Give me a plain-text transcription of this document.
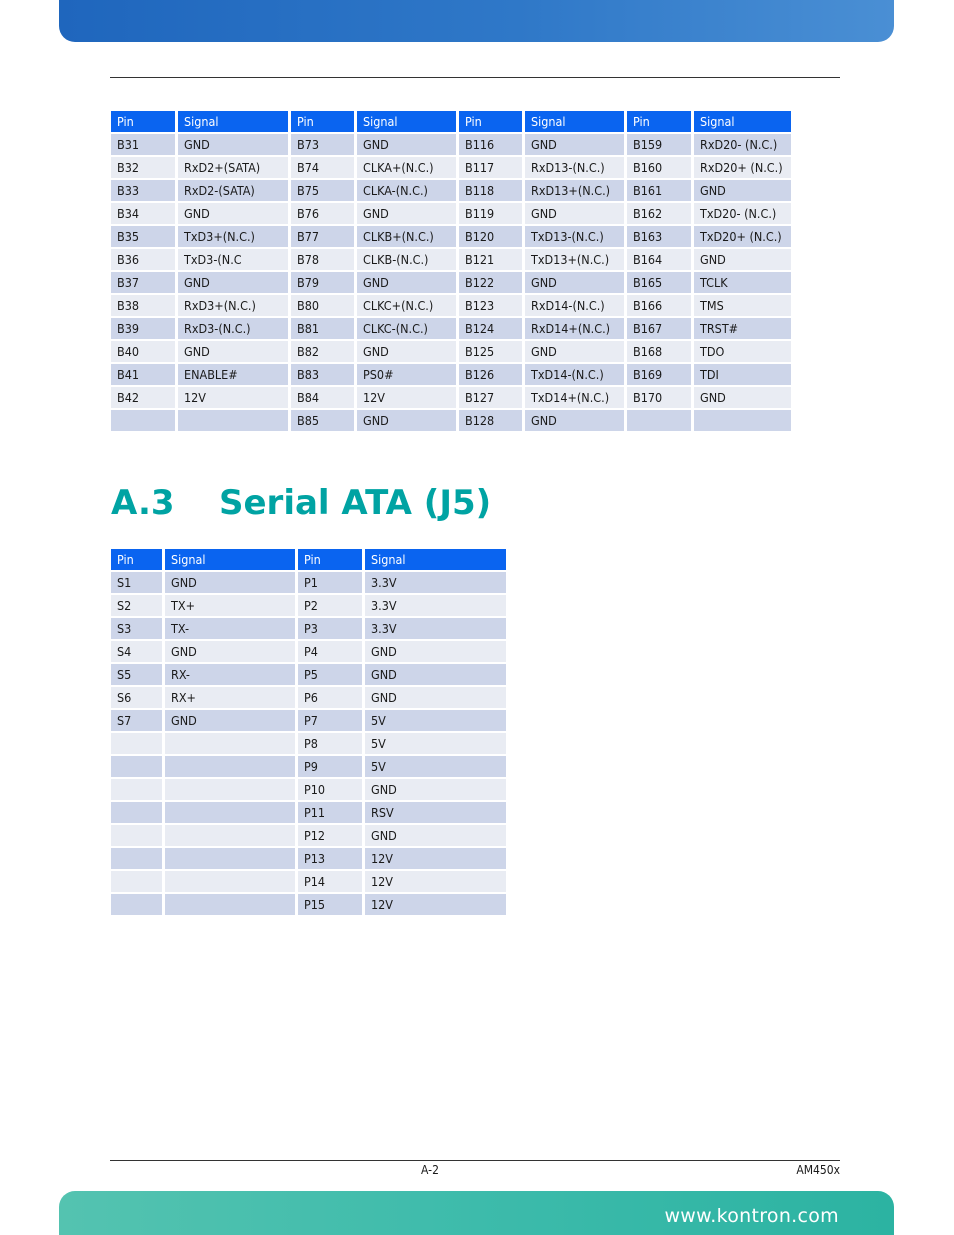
Pin	Signal	Pin	Signal	Pin	Signal	Pin	Signal
B31	GND	B73	GND	B116	GND	B159	RxD20- (N.C.)
B32	RxD2+(SATA)	B74	CLKA+(N.C.)	B117	RxD13-(N.C.)	B160	RxD20+ (N.C.)
B33	RxD2-(SATA)	B75	CLKA-(N.C.)	B118	RxD13+(N.C.)	B161	GND
B34	GND	B76	GND	B119	GND	B162	TxD20- (N.C.)
B35	TxD3+(N.C.)	B77	CLKB+(N.C.)	B120	TxD13-(N.C.)	B163	TxD20+ (N.C.)
B36	TxD3-(N.C	B78	CLKB-(N.C.)	B121	TxD13+(N.C.)	B164	GND
B37	GND	B79	GND	B122	GND	B165	TCLK
B38	RxD3+(N.C.)	B80	CLKC+(N.C.)	B123	RxD14-(N.C.)	B166	TMS
B39	RxD3-(N.C.)	B81	CLKC-(N.C.)	B124	RxD14+(N.C.)	B167	TRST#
B40	GND	B82	GND	B125	GND	B168	TDO
B41	ENABLE#	B83	PS0#	B126	TxD14-(N.C.)	B169	TDI
B42	12V	B84	12V	B127	TxD14+(N.C.)	B170	GND
		B85	GND	B128	GND		
A.3 Serial ATA (J5)
Pin	Signal	Pin	Signal
S1	GND	P1	3.3V
S2	TX+	P2	3.3V
S3	TX-	P3	3.3V
S4	GND	P4	GND
S5	RX-	P5	GND
S6	RX+	P6	GND
S7	GND	P7	5V
		P8	5V
		P9	5V
		P10	GND
		P11	RSV
		P12	GND
		P13	12V
		P14	12V
		P15	12V
A-2	AM450x
www.kontron.com
